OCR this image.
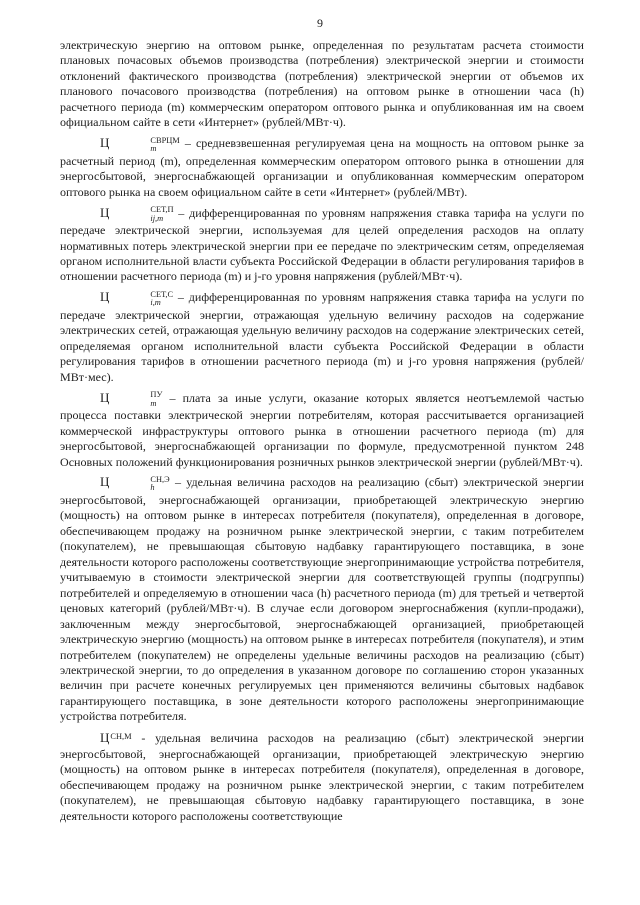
9

электрическую энергию на оптовом рынке, определенная по результатам расчета стоимости плановых почасовых объемов производства (потребления) электрической энергии и стоимости отклонений фактического производства (потребления) электрической энергии от объемов их планового почасового производства (потребления) на оптовом рынке в отношении часа (h) расчетного периода (m) коммерческим оператором оптового рынка и опубликованная им на своем официальном сайте в сети «Интернет» (рублей/МВт·ч).

Ц	СВРЦМ
m	– средневзвешенная регулируемая цена на мощность на оптовом рынке за расчетный период (m), определенная коммерческим оператором оптового рынка в отношении для энергосбытовой, энергоснабжающей организации и опубликованная коммерческим оператором оптового рынка на своем официальном сайте в сети «Интернет» (рублей/МВт).

Ц	СЕТ,П
ij,m – дифференцированная по уровням напряжения ставка тарифа на услуги по передаче электрической энергии, используемая для целей определения расходов на оплату нормативных потерь электрической энергии при ее передаче по электрическим сетям, определяемая органом исполнительной власти субъекта Российской Федерации в области регулирования тарифов в отношении расчетного периода (m) и j-го уровня напряжения (рублей/МВт·ч).

Ц	СЕТ,С
i,m	– дифференцированная по уровням напряжения ставка тарифа на услуги по передаче электрической энергии, отражающая удельную величину расходов на содержание электрических сетей, отражающая удельную величину расходов на содержание электрических сетей, определяемая органом исполнительной власти субъекта Российской Федерации в области регулирования тарифов в отношении расчетного периода (m) и j-го уровня напряжения (рублей/МВт·мес).

Ц	ПУ
m – плата за иные услуги, оказание которых является неотъемлемой частью процесса поставки электрической энергии потребителям, которая рассчитывается организацией коммерческой инфраструктуры оптового рынка в отношении расчетного периода (m) для энергосбытовой, энергоснабжающей организации по формуле, предусмотренной пунктом 248 Основных положений функционирования розничных рынков электрической энергии (рублей/МВт·ч).

Ц	СН,Э
h	– удельная величина расходов на реализацию (сбыт) электрической энергии энергосбытовой, энергоснабжающей организации, приобретающей электрическую энергию (мощность) на оптовом рынке в интересах потребителя (покупателя), определенная в договоре, обеспечивающем продажу на розничном рынке электрической энергии, с таким потребителем (покупателем), не превышающая сбытовую надбавку гарантирующего поставщика, в зоне деятельности которого расположены соответствующие энергопринимающие устройства потребителя, учитываемую в стоимости электрической энергии для соответствующей группы (подгруппы) потребителей и определяемую в отношении часа (h) расчетного периода (m) для третьей и четвертой ценовых категорий (рублей/МВт·ч). В случае если договором энергоснабжения (купли-продажи), заключенным между энергосбытовой, энергоснабжающей организацией, приобретающей электрическую энергию (мощность) на оптовом рынке в интересах потребителя (покупателя), и этим потребителем (покупателем) не определены удельные величины расходов на реализацию (сбыт) электрической энергии, то до определения в указанном договоре по соглашению сторон указанных величин при расчете конечных регулируемых цен применяются величины сбытовых надбавок гарантирующего поставщика, в зоне деятельности которого расположены энергопринимающие устройства потребителя.

$Ц^{СН,М}$ - удельная величина расходов на реализацию (сбыт) электрической энергии энергосбытовой, энергоснабжающей организации, приобретающей электрическую энергию (мощность) на оптовом рынке в интересах потребителя (покупателя), определенная в договоре, обеспечивающем продажу на розничном рынке электрической энергии, с таким потребителем (покупателем), не превышающая сбытовую надбавку гарантирующего поставщика, в зоне деятельности которого расположены соответствующие
